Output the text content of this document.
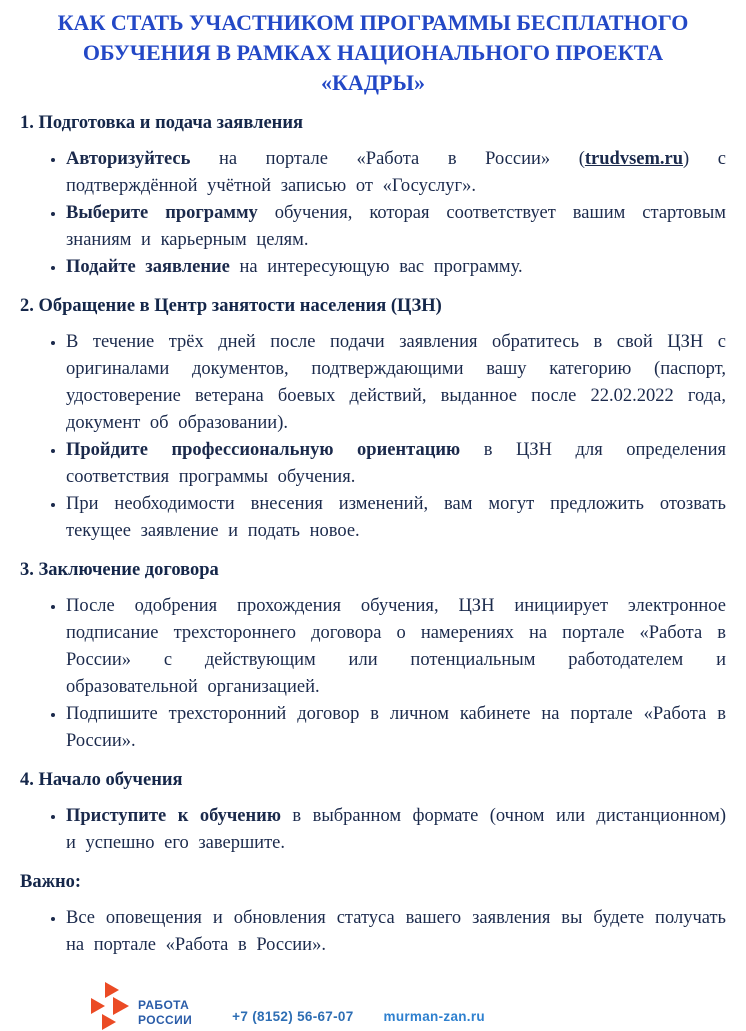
КАК СТАТЬ УЧАСТНИКОМ ПРОГРАММЫ БЕСПЛАТНОГО ОБУЧЕНИЯ В РАМКАХ НАЦИОНАЛЬНОГО ПРОЕКТА «КАДРЫ»
1. Подготовка и подача заявления
• Авторизуйтесь на портале «Работа в России» (trudvsem.ru) с подтверждённой учётной записью от «Госуслуг».
• Выберите программу обучения, которая соответствует вашим стартовым знаниям и карьерным целям.
• Подайте заявление на интересующую вас программу.
2. Обращение в Центр занятости населения (ЦЗН)
• В течение трёх дней после подачи заявления обратитесь в свой ЦЗН с оригиналами документов, подтверждающими вашу категорию (паспорт, удостоверение ветерана боевых действий, выданное после 22.02.2022 года, документ об образовании).
• Пройдите профессиональную ориентацию в ЦЗН для определения соответствия программы обучения.
• При необходимости внесения изменений, вам могут предложить отозвать текущее заявление и подать новое.
3. Заключение договора
• После одобрения прохождения обучения, ЦЗН инициирует электронное подписание трехстороннего договора о намерениях на портале «Работа в России» с действующим или потенциальным работодателем и образовательной организацией.
• Подпишите трехсторонний договор в личном кабинете на портале «Работа в России».
4. Начало обучения
• Приступите к обучению в выбранном формате (очном или дистанционном) и успешно его завершите.
Важно:
• Все оповещения и обновления статуса вашего заявления вы будете получать на портале «Работа в России».
РАБОТА
РОССИИ	+7 (8152) 56-67-07 murman-zan.ru
